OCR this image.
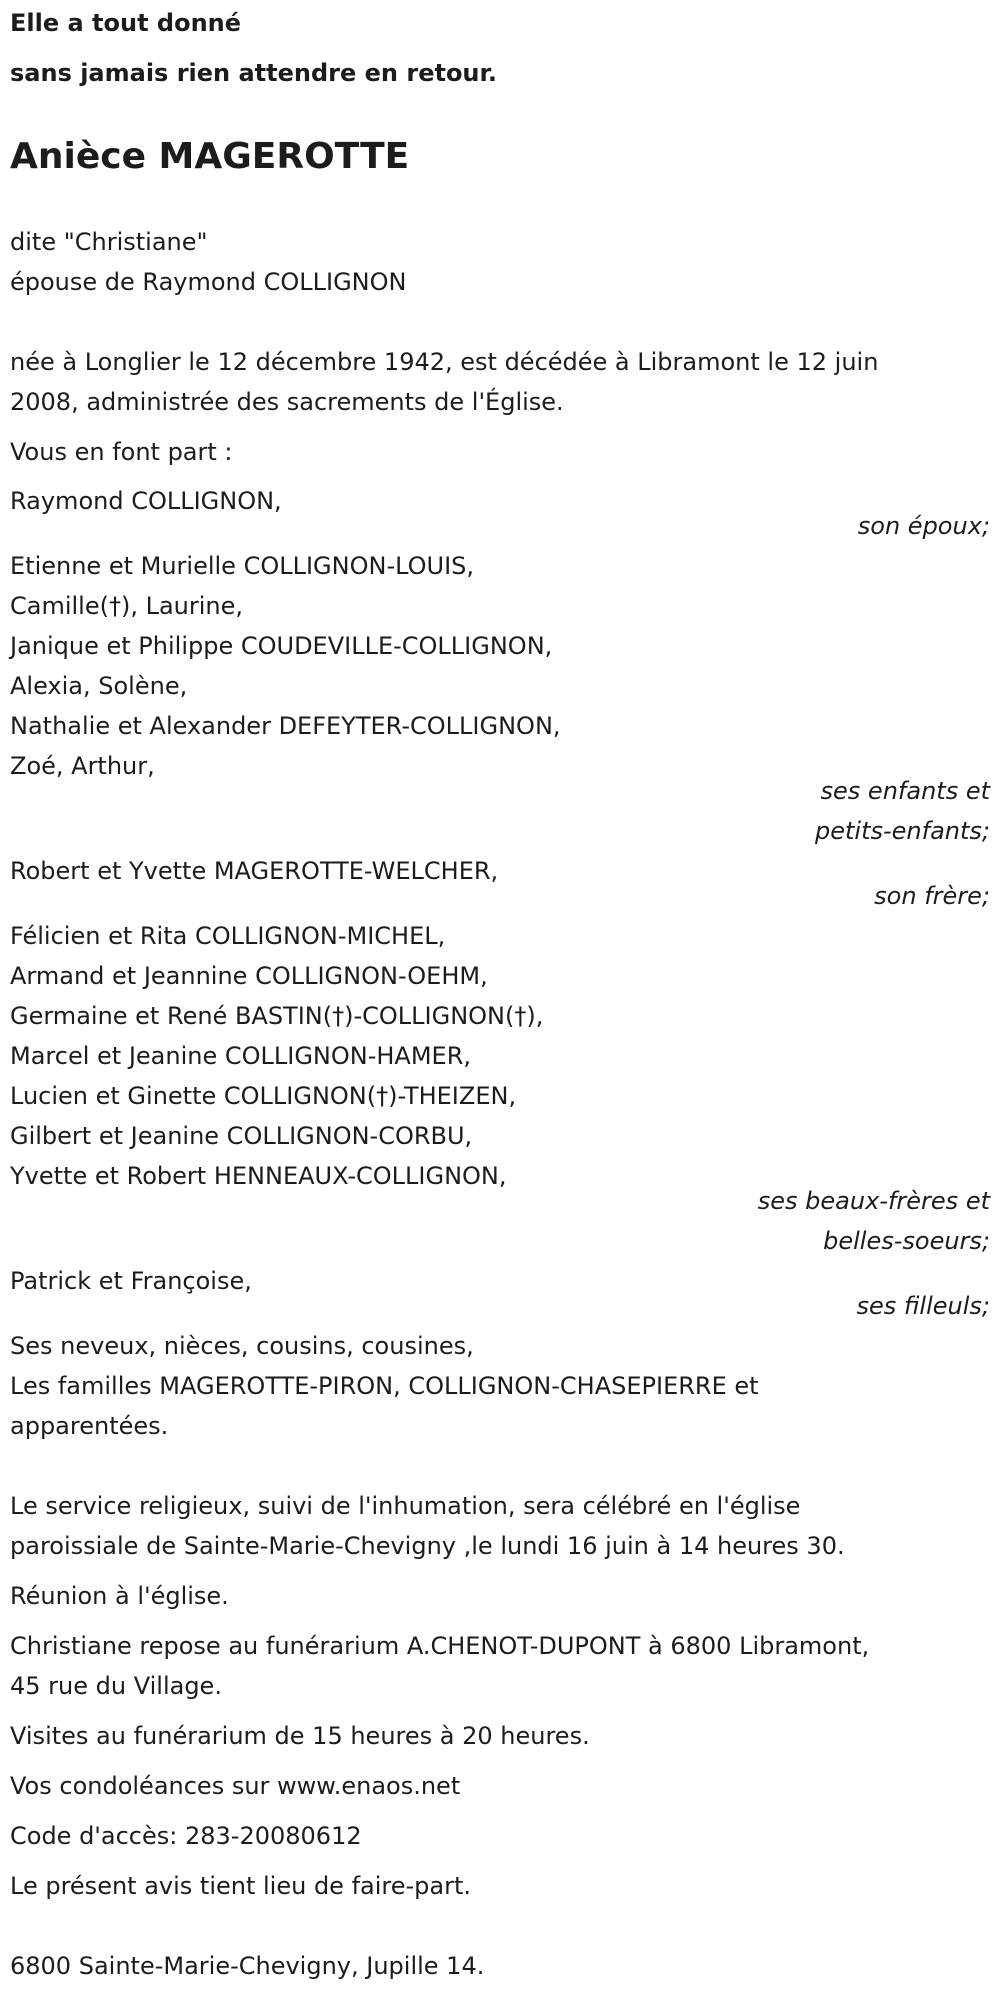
Elle a tout donné
sans jamais rien attendre en retour.
Anièce MAGEROTTE
dite "Christiane"
épouse de Raymond COLLIGNON
née à Longlier le 12 décembre 1942, est décédée à Libramont le 12 juin
2008, administrée des sacrements de l'Église.
Vous en font part :
Raymond COLLIGNON,
son époux;
Etienne et Murielle COLLIGNON-LOUIS,
Camille(†), Laurine,
Janique et Philippe COUDEVILLE-COLLIGNON,
Alexia, Solène,
Nathalie et Alexander DEFEYTER-COLLIGNON,
Zoé, Arthur,
ses enfants et
petits-enfants;
Robert et Yvette MAGEROTTE-WELCHER,
son frère;
Félicien et Rita COLLIGNON-MICHEL,
Armand et Jeannine COLLIGNON-OEHM,
Germaine et René BASTIN(†)-COLLIGNON(†),
Marcel et Jeanine COLLIGNON-HAMER,
Lucien et Ginette COLLIGNON(†)-THEIZEN,
Gilbert et Jeanine COLLIGNON-CORBU,
Yvette et Robert HENNEAUX-COLLIGNON,
ses beaux-frères et
belles-soeurs;
Patrick et Françoise,
ses filleuls;
Ses neveux, nièces, cousins, cousines,
Les familles MAGEROTTE-PIRON, COLLIGNON-CHASEPIERRE et
apparentées.
Le service religieux, suivi de l'inhumation, sera célébré en l'église
paroissiale de Sainte-Marie-Chevigny ,le lundi 16 juin à 14 heures 30.
Réunion à l'église.
Christiane repose au funérarium A.CHENOT-DUPONT à 6800 Libramont,
45 rue du Village.
Visites au funérarium de 15 heures à 20 heures.
Vos condoléances sur www.enaos.net
Code d'accès: 283-20080612
Le présent avis tient lieu de faire-part.
6800 Sainte-Marie-Chevigny, Jupille 14.
